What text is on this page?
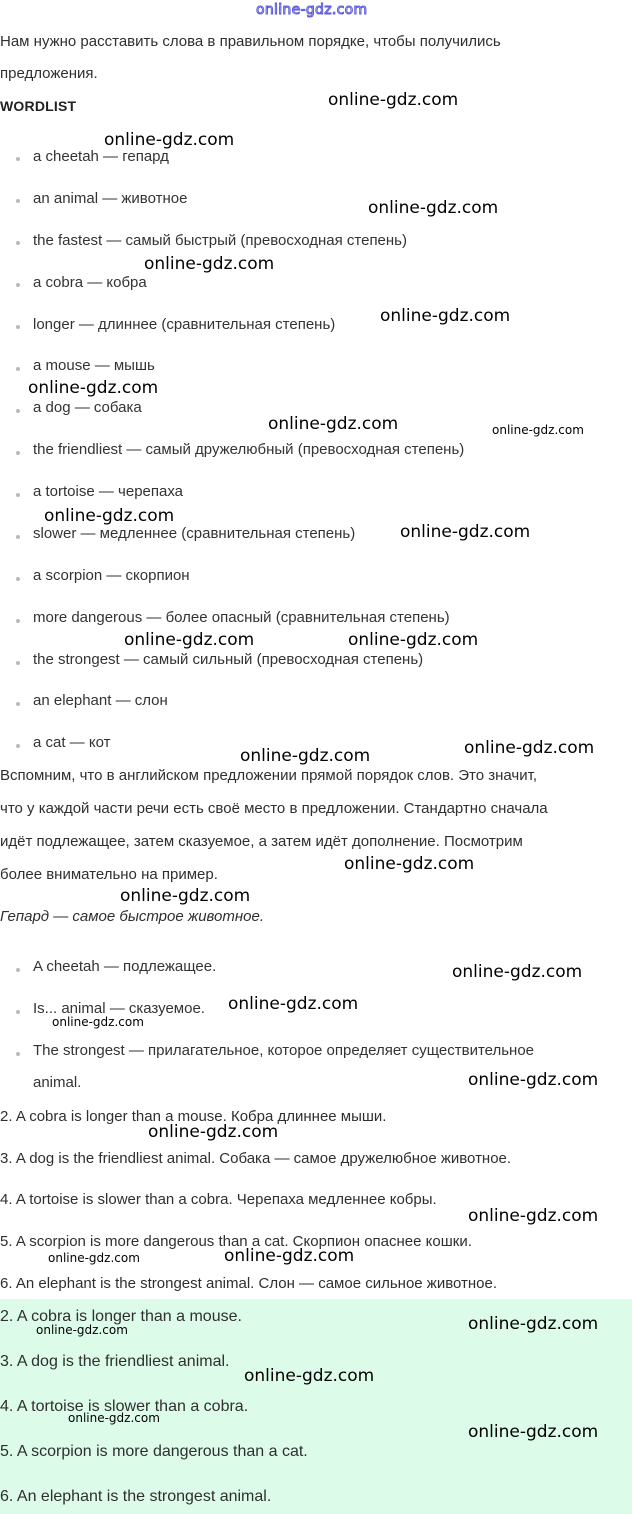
online-gdz.com
Нам нужно расставить слова в правильном порядке, чтобы получились
предложения.
WORDLIST
a cheetah — гепард
an animal — животное
the fastest — самый быстрый (превосходная степень)
a cobra — кобра
longer — длиннее (сравнительная степень)
a mouse — мышь
a dog — собака
the friendliest — самый дружелюбный (превосходная степень)
a tortoise — черепаха
slower — медленнее (сравнительная степень)
a scorpion — скорпион
more dangerous — более опасный (сравнительная степень)
the strongest — самый сильный (превосходная степень)
an elephant — слон
a cat — кот
Вспомним, что в английском предложении прямой порядок слов. Это значит,
что у каждой части речи есть своё место в предложении. Стандартно сначала
идёт подлежащее, затем сказуемое, а затем идёт дополнение. Посмотрим
более внимательно на пример.
Гепард — самое быстрое животное.
A cheetah — подлежащее.
Is... animal — сказуемое.
The strongest — прилагательное, которое определяет существительное
animal.
2. A cobra is longer than a mouse. Кобра длиннее мыши.
3. A dog is the friendliest animal. Собака — самое дружелюбное животное.
4. A tortoise is slower than a cobra. Черепаха медленнее кобры.
5. A scorpion is more dangerous than a cat. Скорпион опаснее кошки.
6. An elephant is the strongest animal. Слон — самое сильное животное.
2. A cobra is longer than a mouse.
3. A dog is the friendliest animal.
4. A tortoise is slower than a cobra.
5. A scorpion is more dangerous than a cat.
6. An elephant is the strongest animal.
online-gdz.com
online-gdz.com
online-gdz.com
online-gdz.com
online-gdz.com
online-gdz.com
online-gdz.com	online-gdz.com
online-gdz.com
online-gdz.com
online-gdz.com	online-gdz.com
online-gdz.com	online-gdz.com
online-gdz.com
online-gdz.com
online-gdz.com
online-gdz.com
online-gdz.com
online-gdz.com
online-gdz.com
online-gdz.com
online-gdz.com
online-gdz.com
online-gdz.com
online-gdz.com
online-gdz.com
online-gdz.com
online-gdz.com
